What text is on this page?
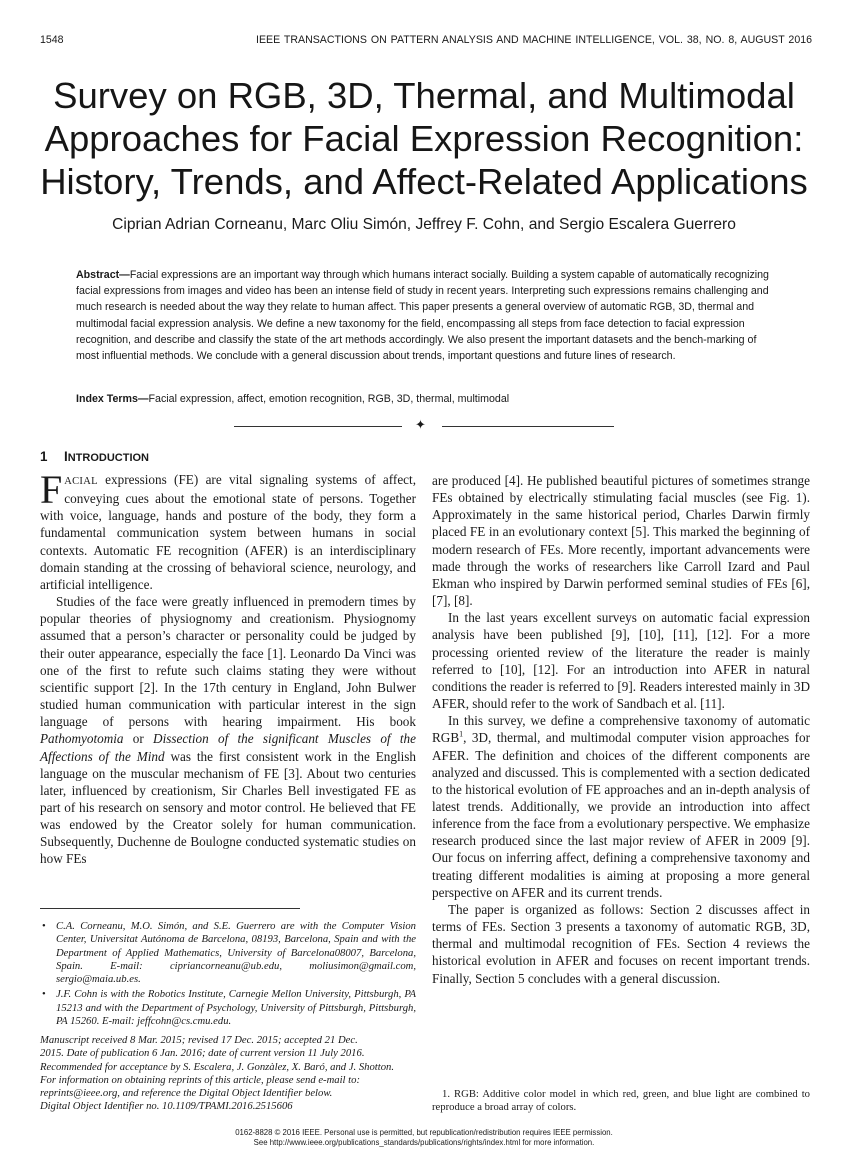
1548	IEEE TRANSACTIONS ON PATTERN ANALYSIS AND MACHINE INTELLIGENCE, VOL. 38, NO. 8, AUGUST 2016
Survey on RGB, 3D, Thermal, and Multimodal
Approaches for Facial Expression Recognition:
History, Trends, and Affect-Related Applications
Ciprian Adrian Corneanu, Marc Oliu Simón, Jeffrey F. Cohn, and Sergio Escalera Guerrero
Abstract—Facial expressions are an important way through which humans interact socially. Building a system capable of automatically recognizing facial expressions from images and video has been an intense field of study in recent years. Interpreting such expressions remains challenging and much research is needed about the way they relate to human affect. This paper presents a general overview of automatic RGB, 3D, thermal and multimodal facial expression analysis. We define a new taxonomy for the field, encompassing all steps from face detection to facial expression recognition, and describe and classify the state of the art methods accordingly. We also present the important datasets and the bench-marking of most influential methods. We conclude with a general discussion about trends, important questions and future lines of research.
Index Terms—Facial expression, affect, emotion recognition, RGB, 3D, thermal, multimodal
✦
1 INTRODUCTION

FACIAL expressions (FE) are vital signaling systems of affect, conveying cues about the emotional state of persons. Together with voice, language, hands and posture of the body, they form a fundamental communication system between humans in social contexts. Automatic FE recognition (AFER) is an interdisciplinary domain standing at the crossing of behavioral science, neurology, and artificial intelligence.

Studies of the face were greatly influenced in premodern times by popular theories of physiognomy and creationism. Physiognomy assumed that a person’s character or personality could be judged by their outer appearance, especially the face [1]. Leonardo Da Vinci was one of the first to refute such claims stating they were without scientific support [2]. In the 17th century in England, John Bulwer studied human communication with particular interest in the sign language of persons with hearing impairment. His book Pathomyotomia or Dissection of the significant Muscles of the Affections of the Mind was the first consistent work in the English language on the muscular mechanism of FE [3]. About two centuries later, influenced by creationism, Sir Charles Bell investigated FE as part of his research on sensory and motor control. He believed that FE was endowed by the Creator solely for human communication. Subsequently, Duchenne de Boulogne conducted systematic studies on how FEs

are produced [4]. He published beautiful pictures of sometimes strange FEs obtained by electrically stimulating facial muscles (see Fig. 1). Approximately in the same historical period, Charles Darwin firmly placed FE in an evolutionary context [5]. This marked the beginning of modern research of FEs. More recently, important advancements were made through the works of researchers like Carroll Izard and Paul Ekman who inspired by Darwin performed seminal studies of FEs [6], [7], [8].

In the last years excellent surveys on automatic facial expression analysis have been published [9], [10], [11], [12]. For a more processing oriented review of the literature the reader is mainly referred to [10], [12]. For an introduction into AFER in natural conditions the reader is referred to [9]. Readers interested mainly in 3D AFER, should refer to the work of Sandbach et al. [11].

In this survey, we define a comprehensive taxonomy of automatic RGB$^1$, 3D, thermal, and multimodal computer vision approaches for AFER. The definition and choices of the different components are analyzed and discussed. This is complemented with a section dedicated to the historical evolution of FE approaches and an in-depth analysis of latest trends. Additionally, we provide an introduction into affect inference from the face from a evolutionary perspective. We emphasize research produced since the last major review of AFER in 2009 [9]. Our focus on inferring affect, defining a comprehensive taxonomy and treating different modalities is aiming at proposing a more general perspective on AFER and its current trends.

The paper is organized as follows: Section 2 discusses affect in terms of FEs. Section 3 presents a taxonomy of automatic RGB, 3D, thermal and multimodal recognition of FEs. Section 4 reviews the historical evolution in AFER and focuses on recent important trends. Finally, Section 5 concludes with a general discussion.

• C.A. Corneanu, M.O. Simón, and S.E. Guerrero are with the Computer Vision Center, Universitat Autónoma de Barcelona, 08193, Barcelona, Spain and with the Department of Applied Mathematics, University of Barcelona08007, Barcelona, Spain. E-mail: cipriancorneanu@ub.edu, moliusimon@gmail.com, sergio@maia.ub.es.
• J.F. Cohn is with the Robotics Institute, Carnegie Mellon University, Pittsburgh, PA 15213 and with the Department of Psychology, University of Pittsburgh, Pittsburgh, PA 15260. E-mail: jeffcohn@cs.cmu.edu.
Manuscript received 8 Mar. 2015; revised 17 Dec. 2015; accepted 21 Dec.
2015. Date of publication 6 Jan. 2016; date of current version 11 July 2016.
Recommended for acceptance by S. Escalera, J. Gonzàlez, X. Baró, and J. Shotton.
For information on obtaining reprints of this article, please send e-mail to:
reprints@ieee.org, and reference the Digital Object Identifier below.
Digital Object Identifier no. 10.1109/TPAMI.2016.2515606
1. RGB: Additive color model in which red, green, and blue light are combined to reproduce a broad array of colors.
0162-8828 © 2016 IEEE. Personal use is permitted, but republication/redistribution requires IEEE permission.
See http://www.ieee.org/publications_standards/publications/rights/index.html for more information.
